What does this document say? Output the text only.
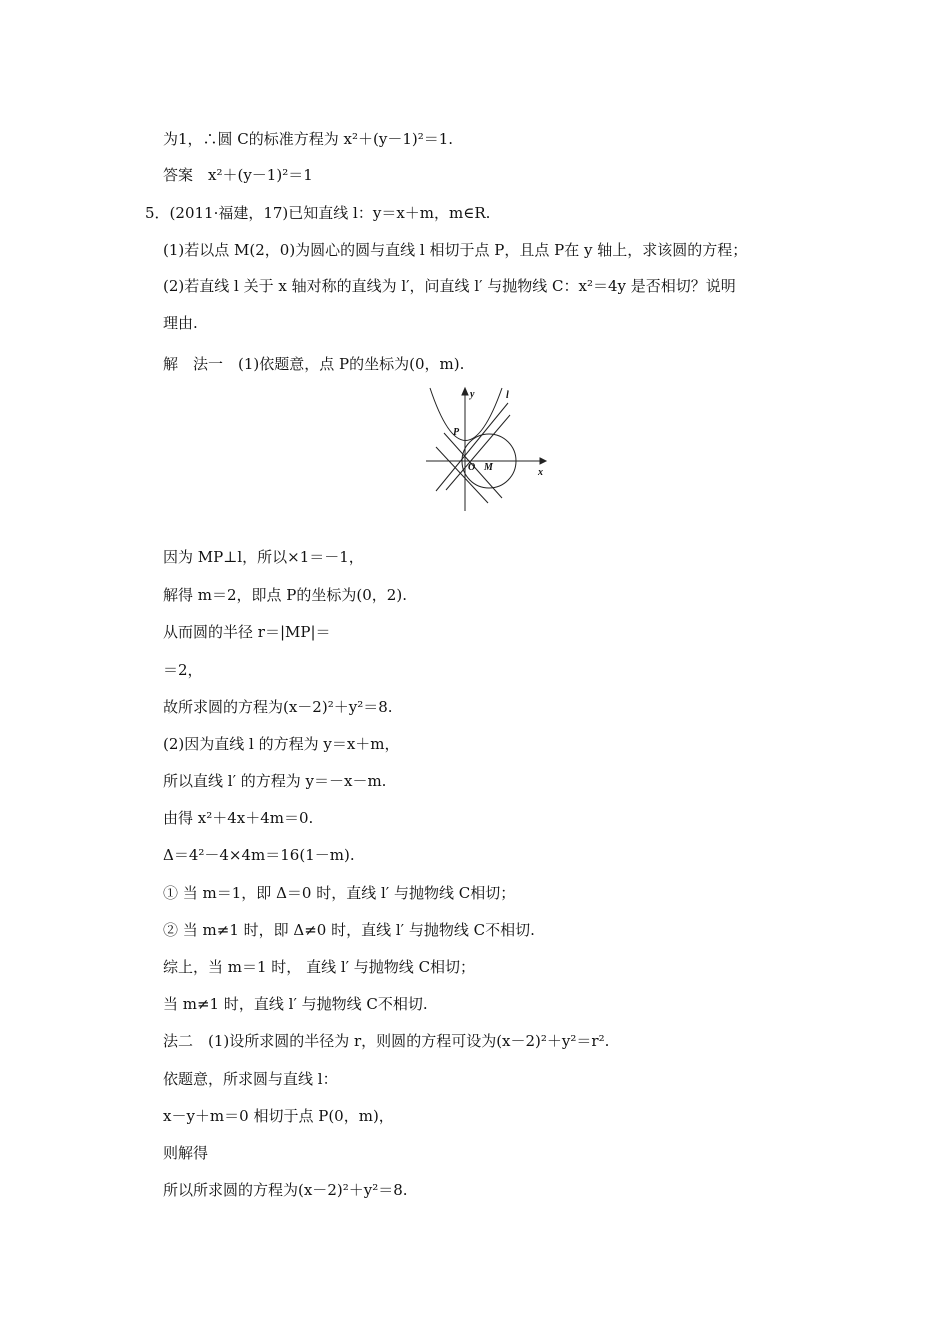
为1，∴圆 C的标准方程为 x²＋(y－1)²＝1.
答案　x²＋(y－1)²＝1
5．(2011·福建，17)已知直线 l：y＝x＋m，m∈R.
(1)若以点 M(2，0)为圆心的圆与直线 l 相切于点 P，且点 P在 y 轴上，求该圆的方程；
(2)若直线 l 关于 x 轴对称的直线为 l′，问直线 l′ 与抛物线 C：x²＝4y 是否相切？说明
理由.
解　法一　(1)依题意，点 P的坐标为(0，m).
y	l
P
O M	x
因为 MP⊥l，所以×1＝－1，
解得 m＝2，即点 P的坐标为(0，2).
从而圆的半径 r＝|MP|＝
＝2，
故所求圆的方程为(x－2)²＋y²＝8.
(2)因为直线 l 的方程为 y＝x＋m，
所以直线 l′ 的方程为 y＝－x－m.
由得 x²＋4x＋4m＝0.
Δ＝4²－4×4m＝16(1－m).
① 当 m＝1，即 Δ＝0 时，直线 l′ 与抛物线 C相切；
② 当 m≠1 时，即 Δ≠0 时，直线 l′ 与抛物线 C不相切.
综上，当 m＝1 时， 直线 l′ 与抛物线 C相切；
当 m≠1 时，直线 l′ 与抛物线 C不相切.
法二　(1)设所求圆的半径为 r，则圆的方程可设为(x－2)²＋y²＝r².
依题意，所求圆与直线 l：
x－y＋m＝0 相切于点 P(0，m)，
则解得
所以所求圆的方程为(x－2)²＋y²＝8.
